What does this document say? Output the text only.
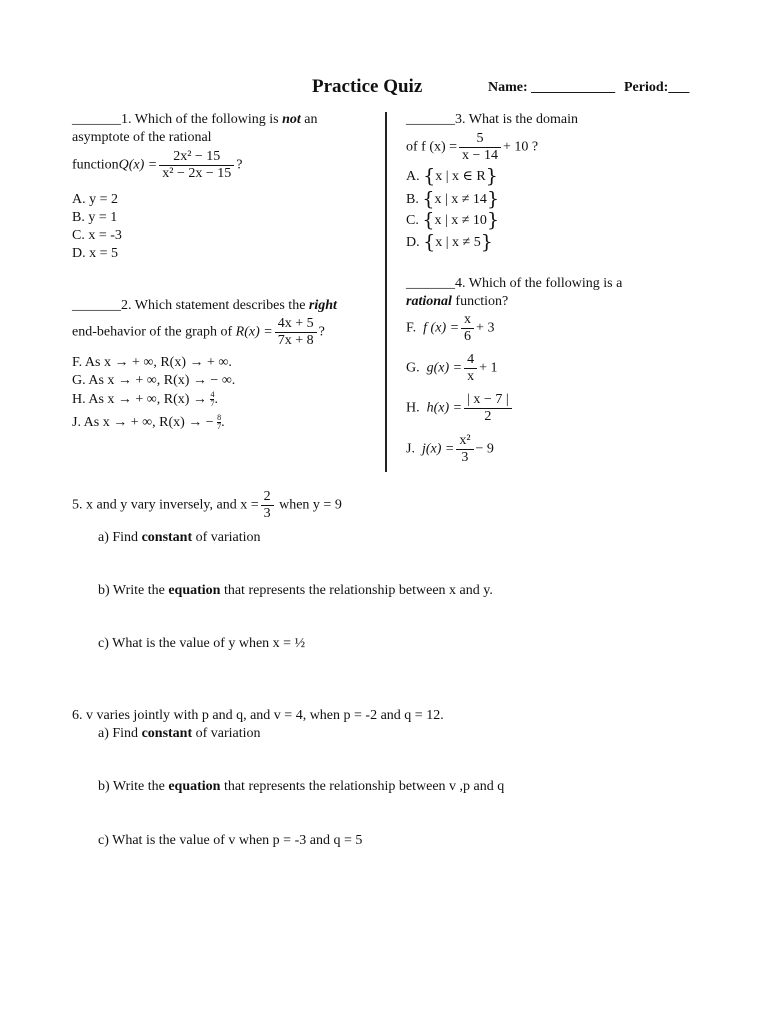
Practice Quiz	Name: ____________ Period:___
_______1. Which of the following is not an
asymptote of the rational
functionQ(x) = $\frac{\text{2x² − 15}}{\text{x² − 2x − 15}}$ ?
A. y = 2
B. y = 1
C. x = -3
D. x = 5
_______2. Which statement describes the right
end-behavior of the graph of $R(x) = \frac{4x + 5}{7x + 8}$ ?
F. As x → + ∞, R(x) → + ∞.
G. As x → + ∞, R(x) → − ∞.
H. As x → + ∞, $R(x) \to \frac{4}{7}$ .
J. As x → + ∞, R(x) → − $\frac{8}{7}$ .
_______3. What is the domain
of f $(x) = \frac{5}{x - 14} + 10$ ?
A. {x | x ∈ R}
B. {x | x ≠ 14}
C. {x | x ≠ 10}
D. {x | x ≠ 5}
_______4. Which of the following is a
rational function?
F. f $(x) = \frac{x}{6} + 3$
G. $g(x) = \frac{4}{x} + 1$
H. $h(x) = \frac{| x - 7 |}{2}$
J. $j(x) = \frac{\text{x²}}{3} - 9$
5. x and y vary inversely, and $x = \frac{2}{3}$ when y = 9
a) Find constant of variation
b) Write the equation that represents the relationship between x and y.
c) What is the value of y when x = ½
6. v varies jointly with p and q, and v = 4, when p = -2 and q = 12.
a) Find constant of variation
b) Write the equation that represents the relationship between v ,p and q
c) What is the value of v when p = -3 and q = 5
